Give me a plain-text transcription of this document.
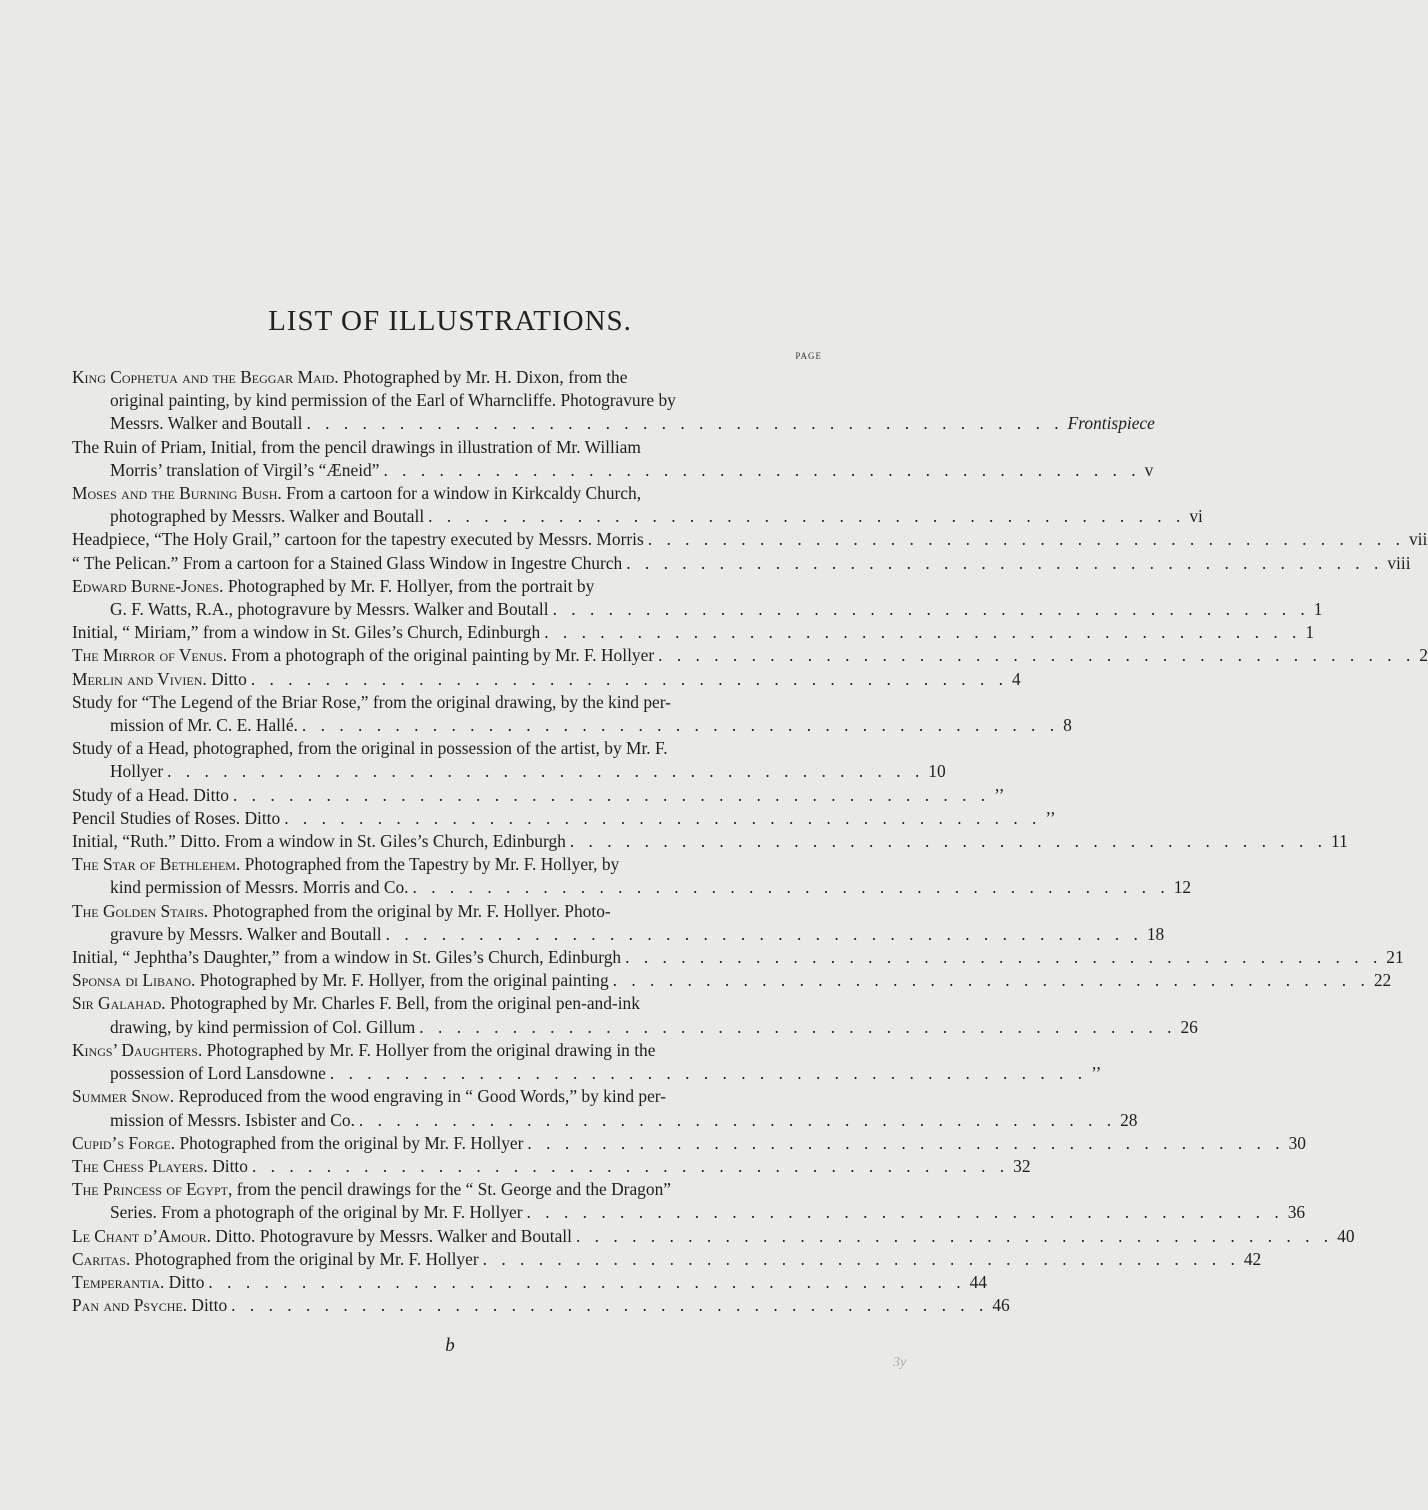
LIST OF ILLUSTRATIONS.
PAGE
King Cophetua and the Beggar Maid. Photographed by Mr. H. Dixon, from the
original painting, by kind permission of the Earl of Wharncliffe. Photogravure by
Messrs. Walker and Boutall . . . . . . . . . . . . . . . . . . . . . . . . . . . . . . . . . . . . . . . . . Frontispiece
The Ruin of Priam, Initial, from the pencil drawings in illustration of Mr. William
Morris’ translation of Virgil’s “Æneid” . . . . . . . . . . . . . . . . . . . . . . . . . . . . . . . . . . . . . . . . . v
Moses and the Burning Bush. From a cartoon for a window in Kirkcaldy Church,
photographed by Messrs. Walker and Boutall . . . . . . . . . . . . . . . . . . . . . . . . . . . . . . . . . . . . . . . . . vi
Headpiece, “The Holy Grail,” cartoon for the tapestry executed by Messrs. Morris . . . . . . . . . . . . . . . . . . . . . . . . . . . . . . . . . . . . . . . . . vii
“ The Pelican.” From a cartoon for a Stained Glass Window in Ingestre Church . . . . . . . . . . . . . . . . . . . . . . . . . . . . . . . . . . . . . . . . . viii
Edward Burne-Jones. Photographed by Mr. F. Hollyer, from the portrait by
G. F. Watts, R.A., photogravure by Messrs. Walker and Boutall . . . . . . . . . . . . . . . . . . . . . . . . . . . . . . . . . . . . . . . . . 1
Initial, “ Miriam,” from a window in St. Giles’s Church, Edinburgh . . . . . . . . . . . . . . . . . . . . . . . . . . . . . . . . . . . . . . . . . 1
The Mirror of Venus. From a photograph of the original painting by Mr. F. Hollyer . . . . . . . . . . . . . . . . . . . . . . . . . . . . . . . . . . . . . . . . . 2
Merlin and Vivien. Ditto . . . . . . . . . . . . . . . . . . . . . . . . . . . . . . . . . . . . . . . . . 4
Study for “The Legend of the Briar Rose,” from the original drawing, by the kind per-
mission of Mr. C. E. Hallé. . . . . . . . . . . . . . . . . . . . . . . . . . . . . . . . . . . . . . . . . . 8
Study of a Head, photographed, from the original in possession of the artist, by Mr. F.
Hollyer . . . . . . . . . . . . . . . . . . . . . . . . . . . . . . . . . . . . . . . . . 10
Study of a Head. Ditto . . . . . . . . . . . . . . . . . . . . . . . . . . . . . . . . . . . . . . . . . ’’
Pencil Studies of Roses. Ditto . . . . . . . . . . . . . . . . . . . . . . . . . . . . . . . . . . . . . . . . . ’’
Initial, “Ruth.” Ditto. From a window in St. Giles’s Church, Edinburgh . . . . . . . . . . . . . . . . . . . . . . . . . . . . . . . . . . . . . . . . . 11
The Star of Bethlehem. Photographed from the Tapestry by Mr. F. Hollyer, by
kind permission of Messrs. Morris and Co. . . . . . . . . . . . . . . . . . . . . . . . . . . . . . . . . . . . . . . . . . 12
The Golden Stairs. Photographed from the original by Mr. F. Hollyer. Photo-
gravure by Messrs. Walker and Boutall . . . . . . . . . . . . . . . . . . . . . . . . . . . . . . . . . . . . . . . . . 18
Initial, “ Jephtha’s Daughter,” from a window in St. Giles’s Church, Edinburgh . . . . . . . . . . . . . . . . . . . . . . . . . . . . . . . . . . . . . . . . . 21
Sponsa di Libano. Photographed by Mr. F. Hollyer, from the original painting . . . . . . . . . . . . . . . . . . . . . . . . . . . . . . . . . . . . . . . . . 22
Sir Galahad. Photographed by Mr. Charles F. Bell, from the original pen-and-ink
drawing, by kind permission of Col. Gillum . . . . . . . . . . . . . . . . . . . . . . . . . . . . . . . . . . . . . . . . . 26
Kings’ Daughters. Photographed by Mr. F. Hollyer from the original drawing in the
possession of Lord Lansdowne . . . . . . . . . . . . . . . . . . . . . . . . . . . . . . . . . . . . . . . . . ’’
Summer Snow. Reproduced from the wood engraving in “ Good Words,” by kind per-
mission of Messrs. Isbister and Co. . . . . . . . . . . . . . . . . . . . . . . . . . . . . . . . . . . . . . . . . . 28
Cupid’s Forge. Photographed from the original by Mr. F. Hollyer . . . . . . . . . . . . . . . . . . . . . . . . . . . . . . . . . . . . . . . . . 30
The Chess Players. Ditto . . . . . . . . . . . . . . . . . . . . . . . . . . . . . . . . . . . . . . . . . 32
The Princess of Egypt, from the pencil drawings for the “ St. George and the Dragon”
Series. From a photograph of the original by Mr. F. Hollyer . . . . . . . . . . . . . . . . . . . . . . . . . . . . . . . . . . . . . . . . . 36
Le Chant d’Amour. Ditto. Photogravure by Messrs. Walker and Boutall . . . . . . . . . . . . . . . . . . . . . . . . . . . . . . . . . . . . . . . . . 40
Caritas. Photographed from the original by Mr. F. Hollyer . . . . . . . . . . . . . . . . . . . . . . . . . . . . . . . . . . . . . . . . . 42
Temperantia. Ditto . . . . . . . . . . . . . . . . . . . . . . . . . . . . . . . . . . . . . . . . . 44
Pan and Psyche. Ditto . . . . . . . . . . . . . . . . . . . . . . . . . . . . . . . . . . . . . . . . . 46
b
3y
